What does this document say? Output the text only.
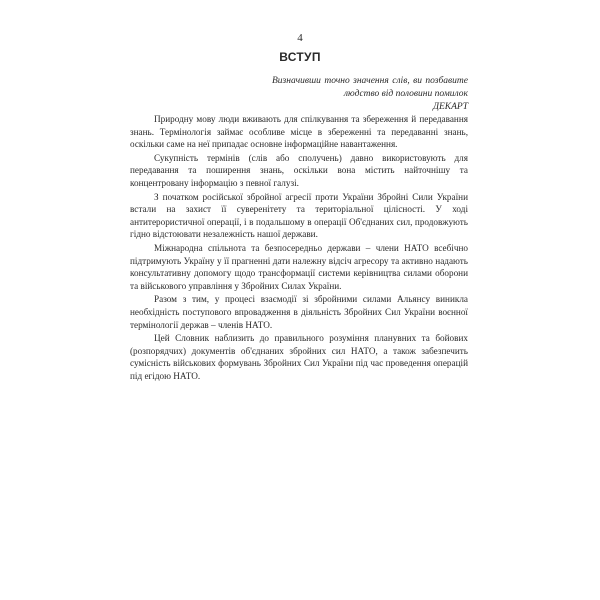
4
ВСТУП
Визначивши точно значення слів, ви позбавите людство від половини помилок
ДЕКАРТ

Природну мову люди вживають для спілкування та збереження й передавання знань. Термінологія займає особливе місце в збереженні та передаванні знань, оскільки саме на неї припадає основне інформаційне навантаження.

Сукупність термінів (слів або сполучень) давно використовують для передавання та поширення знань, оскільки вона містить найточнішу та концентровану інформацію з певної галузі.

З початком російської збройної агресії проти України Збройні Сили України встали на захист її суверенітету та територіальної цілісності. У ході антитерористичної операції, і в подальшому в операції Об'єднаних сил, продовжують гідно відстоювати незалежність нашої держави.

Міжнародна спільнота та безпосередньо держави – члени НАТО всебічно підтримують Україну у її прагненні дати належну відсіч агресору та активно надають консультативну допомогу щодо трансформації системи керівництва силами оборони та військового управління у Збройних Силах України.

Разом з тим, у процесі взаємодії зі збройними силами Альянсу виникла необхідність поступового впровадження в діяльність Збройних Сил України воєнної термінології держав – членів НАТО.

Цей Словник наблизить до правильного розуміння планувних та бойових (розпорядчих) документів об'єднаних збройних сил НАТО, а також забезпечить сумісність військових формувань Збройних Сил України під час проведення операцій під егідою НАТО.
